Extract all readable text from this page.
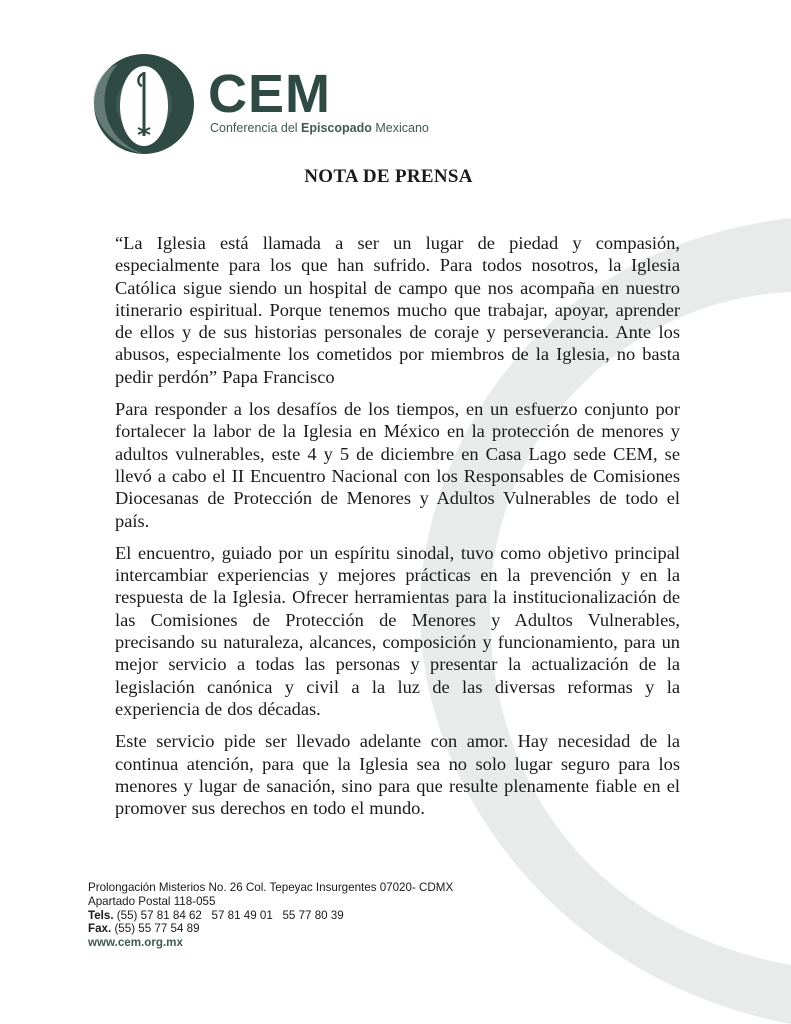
CEM
Conferencia del Episcopado Mexicano
NOTA DE PRENSA

“La Iglesia está llamada a ser un lugar de piedad y compasión, especialmente para los que han sufrido. Para todos nosotros, la Iglesia Católica sigue siendo un hospital de campo que nos acompaña en nuestro itinerario espiritual. Porque tenemos mucho que trabajar, apoyar, aprender de ellos y de sus historias personales de coraje y perseverancia. Ante los abusos, especialmente los cometidos por miembros de la Iglesia, no basta pedir perdón” Papa Francisco

Para responder a los desafíos de los tiempos, en un esfuerzo conjunto por fortalecer la labor de la Iglesia en México en la protección de menores y adultos vulnerables, este 4 y 5 de diciembre en Casa Lago sede CEM, se llevó a cabo el II Encuentro Nacional con los Responsables de Comisiones Diocesanas de Protección de Menores y Adultos Vulnerables de todo el país.

El encuentro, guiado por un espíritu sinodal, tuvo como objetivo principal intercambiar experiencias y mejores prácticas en la prevención y en la respuesta de la Iglesia. Ofrecer herramientas para la institucionalización de las Comisiones de Protección de Menores y Adultos Vulnerables, precisando su naturaleza, alcances, composición y funcionamiento, para un mejor servicio a todas las personas y presentar la actualización de la legislación canónica y civil a la luz de las diversas reformas y la experiencia de dos décadas.

Este servicio pide ser llevado adelante con amor. Hay necesidad de la continua atención, para que la Iglesia sea no solo lugar seguro para los menores y lugar de sanación, sino para que resulte plenamente fiable en el promover sus derechos en todo el mundo.

Prolongación Misterios No. 26 Col. Tepeyac Insurgentes 07020- CDMX
Apartado Postal 118-055
Tels. (55) 57 81 84 62   57 81 49 01   55 77 80 39
Fax. (55) 55 77 54 89
www.cem.org.mx
